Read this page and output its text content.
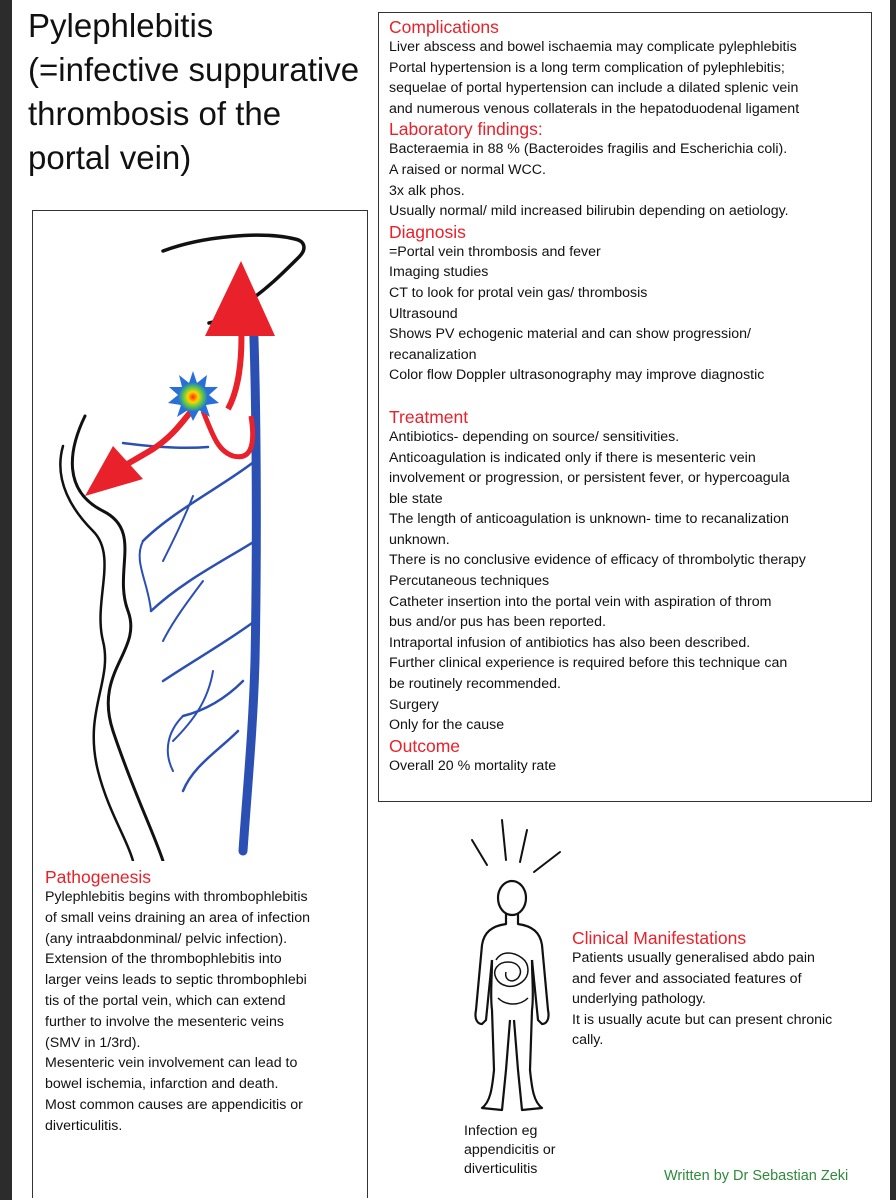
Pylephlebitis
(=infective suppurative
thrombosis of the
portal vein)
Complications

Liver abscess and bowel ischaemia may complicate pylephlebitis

Portal hypertension is a long term complication of pylephlebitis;

sequelae of portal hypertension can include a dilated splenic vein

and numerous venous collaterals in the hepatoduodenal ligament

Laboratory findings:

Bacteraemia in 88 % (Bacteroides fragilis and Escherichia coli).

A raised or normal WCC.

3x alk phos.

Usually normal/ mild increased bilirubin depending on aetiology.

Diagnosis

=Portal vein thrombosis and fever

Imaging studies

CT to look for protal vein gas/ thrombosis

Ultrasound

Shows PV echogenic material and can show progression/

recanalization

Color flow Doppler ultrasonography may improve diagnostic

Treatment

Antibiotics- depending on source/ sensitivities.

Anticoagulation is indicated only if there is mesenteric vein

involvement or progression, or persistent fever, or hypercoagula

ble state

The length of anticoagulation is unknown- time to recanalization

unknown.

There is no conclusive evidence of efficacy of thrombolytic therapy

Percutaneous techniques

Catheter insertion into the portal vein with aspiration of throm

bus and/or pus has been reported.

Intraportal infusion of antibiotics has also been described.

Further clinical experience is required before this technique can

be routinely recommended.

Surgery

Only for the cause

Outcome

Overall 20 % mortality rate

Pathogenesis

Pylephlebitis begins with thrombophlebitis

of small veins draining an area of infection

(any intraabdonminal/ pelvic infection).

Extension of the thrombophlebitis into

larger veins leads to septic thrombophlebi

tis of the portal vein, which can extend

further to involve the mesenteric veins

(SMV in 1/3rd).

Mesenteric vein involvement can lead to

bowel ischemia, infarction and death.

Most common causes are appendicitis or

diverticulitis.

Clinical Manifestations

Patients usually generalised abdo pain

and fever and associated features of

underlying pathology.

It is usually acute but can present chronic

cally.

Infection eg

appendicitis or

diverticulitis	Written by Dr Sebastian Zeki
